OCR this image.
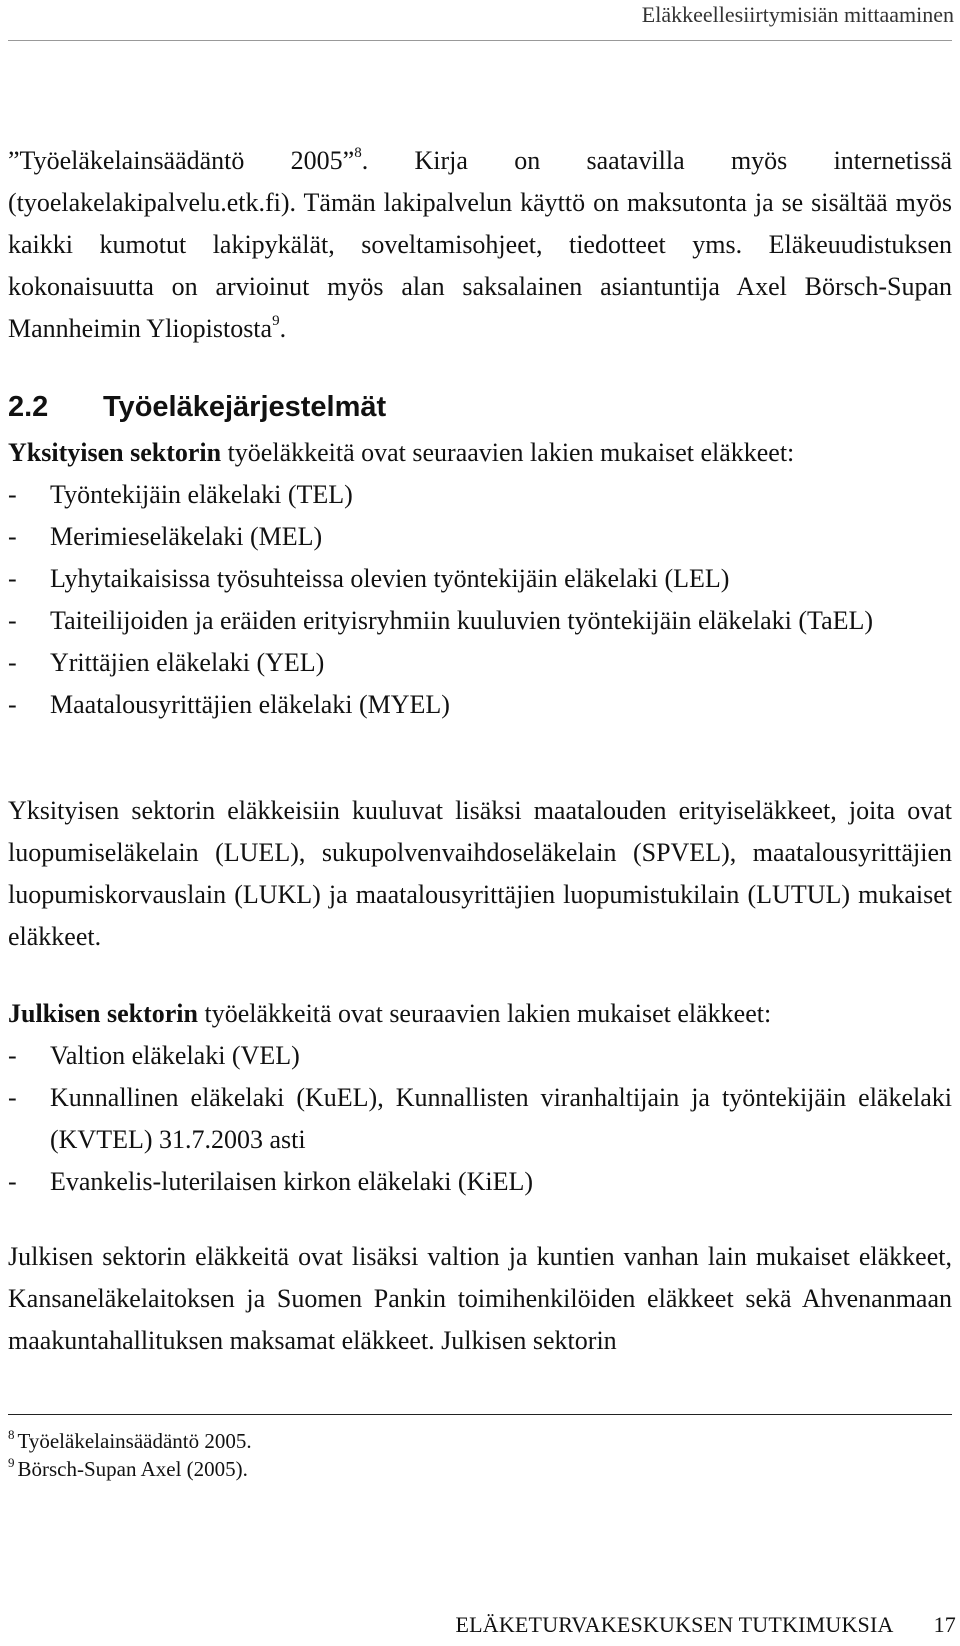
Eläkkeellesiirtymisiän mittaaminen

”Työeläkelainsäädäntö 2005”$^8$. Kirja on saatavilla myös internetissä (tyoelakelakipalvelu.etk.fi). Tämän lakipalvelun käyttö on maksutonta ja se sisältää myös kaikki kumotut lakipykälät, soveltamisohjeet, tiedotteet yms. Eläkeuudistuksen kokonaisuutta on arvioinut myös alan saksalainen asiantuntija Axel Börsch-Supan Mannheimin Yliopistosta$^9$.

2.2 Työeläkejärjestelmät

Yksityisen sektorin työeläkkeitä ovat seuraavien lakien mukaiset eläkkeet:

- Työntekijäin eläkelaki (TEL)
- Merimieseläkelaki (MEL)
- Lyhytaikaisissa työsuhteissa olevien työntekijäin eläkelaki (LEL)
- Taiteilijoiden ja eräiden erityisryhmiin kuuluvien työntekijäin eläkelaki (TaEL)
- Yrittäjien eläkelaki (YEL)
- Maatalousyrittäjien eläkelaki (MYEL)

Yksityisen sektorin eläkkeisiin kuuluvat lisäksi maatalouden erityiseläkkeet, joita ovat luopumiseläkelain (LUEL), sukupolvenvaihdoseläkelain (SPVEL), maatalousyrittäjien luopumiskorvauslain (LUKL) ja maatalousyrittäjien luopumistukilain (LUTUL) mukaiset eläkkeet.

Julkisen sektorin työeläkkeitä ovat seuraavien lakien mukaiset eläkkeet:

- Valtion eläkelaki (VEL)
- Kunnallinen eläkelaki (KuEL), Kunnallisten viranhaltijain ja työntekijäin eläkelaki (KVTEL) 31.7.2003 asti
- Evankelis-luterilaisen kirkon eläkelaki (KiEL)

Julkisen sektorin eläkkeitä ovat lisäksi valtion ja kuntien vanhan lain mukaiset eläkkeet, Kansaneläkelaitoksen ja Suomen Pankin toimihenkilöiden eläkkeet sekä Ahvenanmaan maakuntahallituksen maksamat eläkkeet. Julkisen sektorin

$^8$ Työeläkelainsäädäntö 2005.
$^9$ Börsch-Supan Axel (2005).
ELÄKETURVAKESKUKSEN TUTKIMUKSIA 17
